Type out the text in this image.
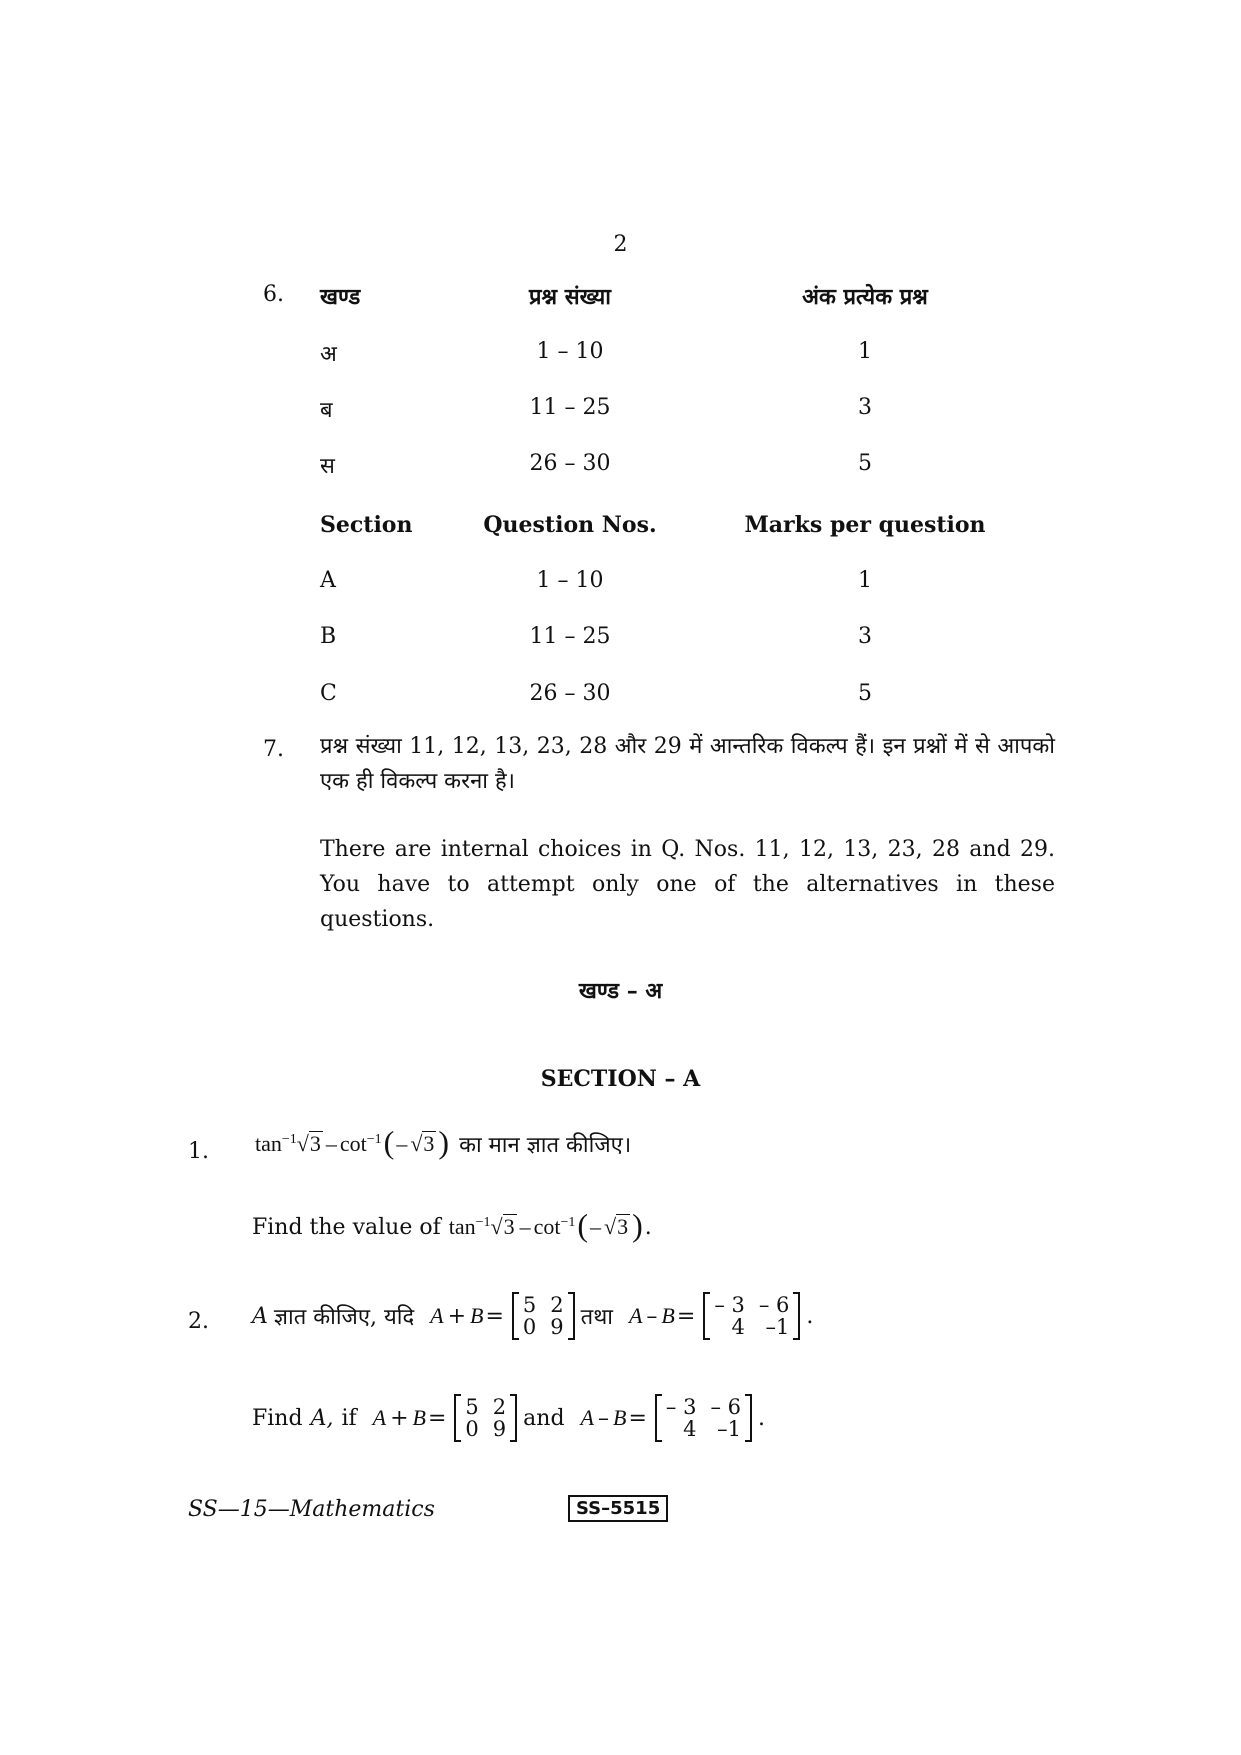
2
6. खण्ड	प्रश्न संख्या	अंक प्रत्येक प्रश्न
अ	1 – 10	1
ब	11 – 25	3
स	26 – 30	5
Section	Question Nos.	Marks per question
A	1 – 10	1
B	11 – 25	3
C	26 – 30	5
7. प्रश्न संख्या 11, 12, 13, 23, 28 और 29 में आन्तरिक विकल्प हैं। इन प्रश्नों में से आपको एक ही विकल्प करना है।
There are internal choices in Q. Nos. 11, 12, 13, 23, 28 and 29. You have to attempt only one of the alternatives in these questions.
खण्ड – अ
SECTION – A
1. tan −1 √ 3 – cot −1 ( – √ 3 ) का मान ज्ञात कीजिए।
Find the value of tan −1 √ 3 – cot −1 ( – √ 3 ) .
2. A ज्ञात कीजिए, यदि A + B = 5 2
0 9 तथा A – B = – 3 – 6
4 –1 .
Find A, if A + B = 5 2
0 9 and A – B = – 3 – 6
4 –1 .
SS—15—Mathematics	SS–5515
